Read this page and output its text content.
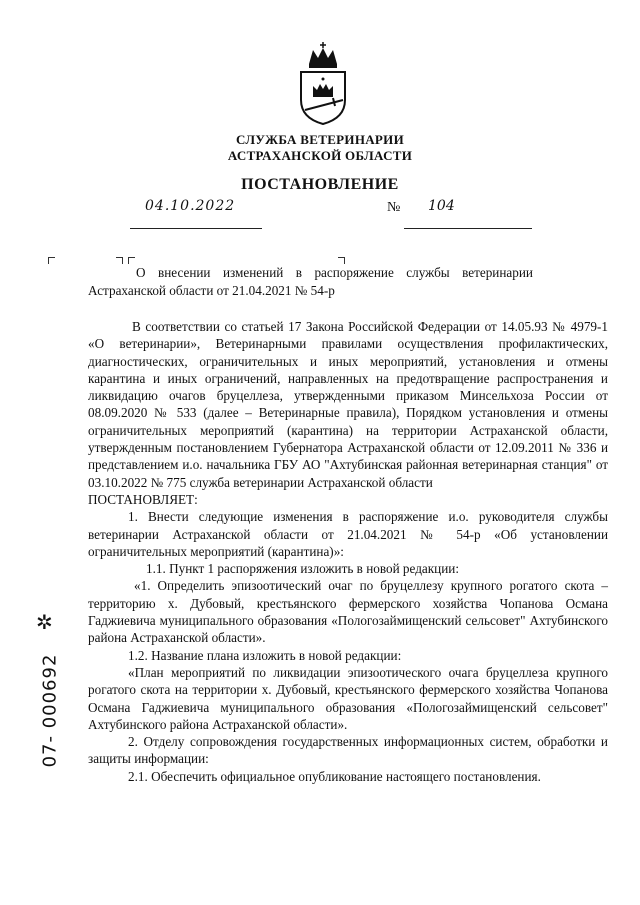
СЛУЖБА ВЕТЕРИНАРИИ
АСТРАХАНСКОЙ ОБЛАСТИ
ПОСТАНОВЛЕНИЕ
04.10.2022	№ 104
О внесении изменений в распоряжение службы ветеринарии Астраханской области от 21.04.2021 № 54-р

В соответствии со статьей 17 Закона Российской Федерации от 14.05.93 № 4979-1 «О ветеринарии», Ветеринарными правилами осуществления профилактических, диагностических, ограничительных и иных мероприятий, установления и отмены карантина и иных ограничений, направленных на предотвращение распространения и ликвидацию очагов бруцеллеза, утвержденными приказом Минсельхоза России от 08.09.2020 № 533 (далее – Ветеринарные правила), Порядком установления и отмены ограничительных мероприятий (карантина) на территории Астраханской области, утвержденным постановлением Губернатора Астраханской области от 12.09.2011 № 336 и представлением и.о. начальника ГБУ АО "Ахтубинская районная ветеринарная станция" от 03.10.2022 № 775 служба ветеринарии Астраханской области

ПОСТАНОВЛЯЕТ:

1. Внести следующие изменения в распоряжение и.о. руководителя службы ветеринарии Астраханской области от 21.04.2021 № 54-р «Об установлении ограничительных мероприятий (карантина)»:

1.1. Пункт 1 распоряжения изложить в новой редакции:

«1. Определить эпизоотический очаг по бруцеллезу крупного рогатого скота – территорию х. Дубовый, крестьянского фермерского хозяйства Чопанова Османа Гаджиевича муниципального образования «Пологозаймищенский сельсовет" Ахтубинского района Астраханской области».

1.2. Название плана изложить в новой редакции:

«План мероприятий по ликвидации эпизоотического очага бруцеллеза крупного рогатого скота на территории х. Дубовый, крестьянского фермерского хозяйства Чопанова Османа Гаджиевича муниципального образования «Пологозаймищенский сельсовет" Ахтубинского района Астраханской области».

2. Отделу сопровождения государственных информационных систем, обработки и защиты информации:

2.1. Обеспечить официальное опубликование настоящего постановления.

✲
07- 000692
